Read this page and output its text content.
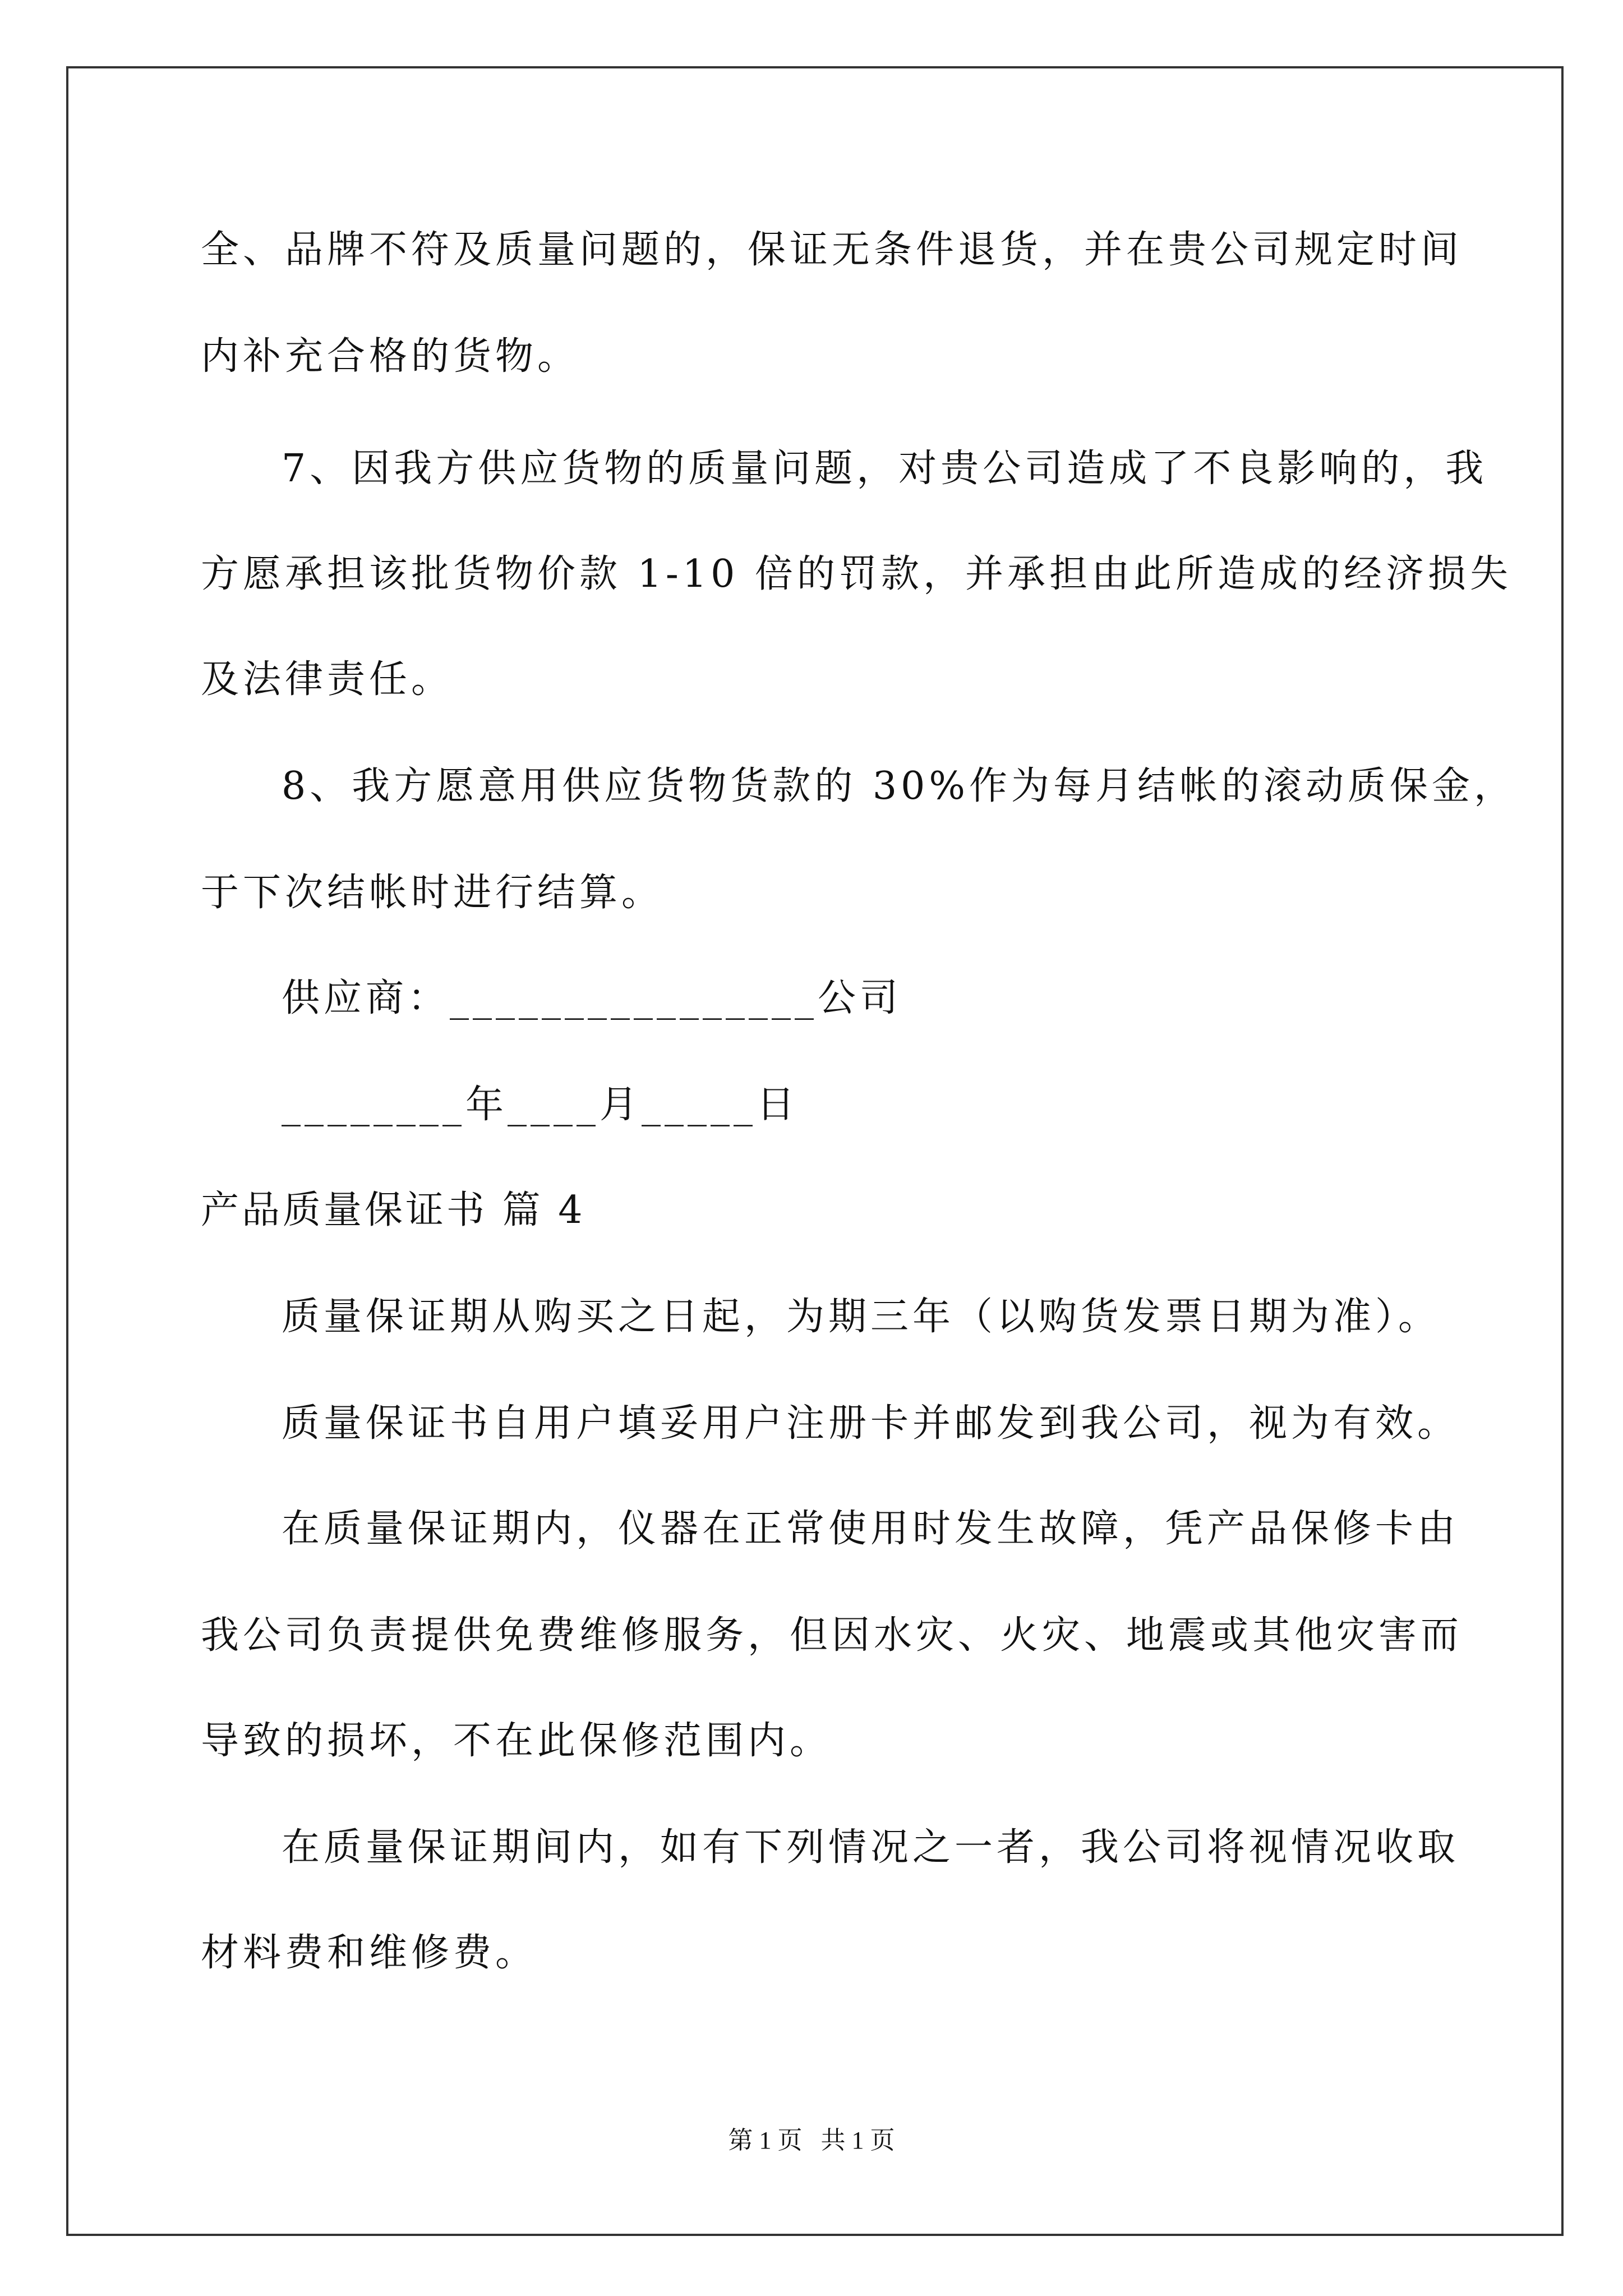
全、品牌不符及质量问题的，保证无条件退货，并在贵公司规定时间
内补充合格的货物。
7、因我方供应货物的质量问题，对贵公司造成了不良影响的，我
方愿承担该批货物价款 1-10 倍的罚款，并承担由此所造成的经济损失
及法律责任。
8、我方愿意用供应货物货款的 30%作为每月结帐的滚动质保金，
于下次结帐时进行结算。
供应商：________________公司
________年____月_____日
产品质量保证书 篇 4
质量保证期从购买之日起，为期三年（以购货发票日期为准）。
质量保证书自用户填妥用户注册卡并邮发到我公司，视为有效。
在质量保证期内，仪器在正常使用时发生故障，凭产品保修卡由
我公司负责提供免费维修服务，但因水灾、火灾、地震或其他灾害而
导致的损坏，不在此保修范围内。
在质量保证期间内，如有下列情况之一者，我公司将视情况收取
材料费和维修费。
第 1 页   共 1 页
